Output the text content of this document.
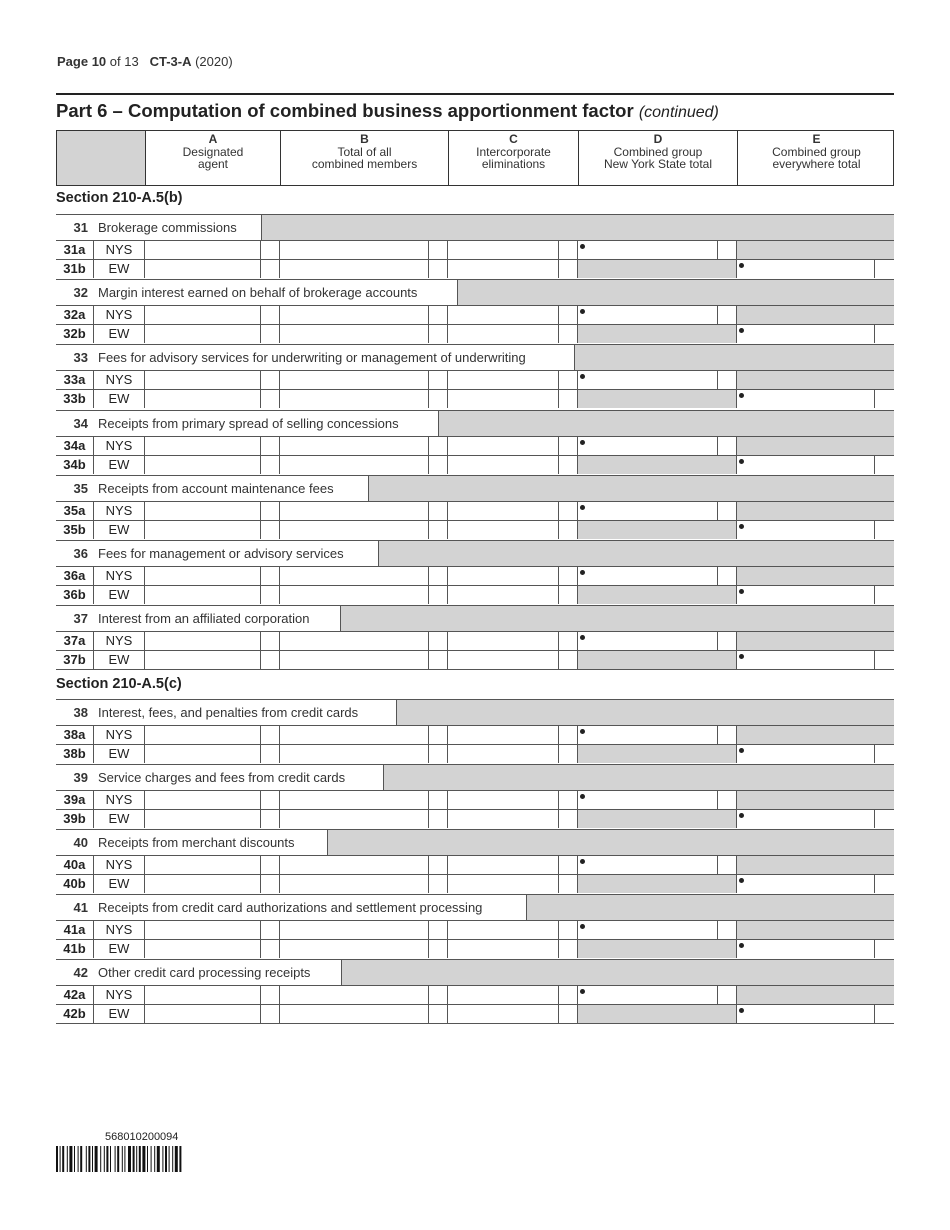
Page 10 of 13 CT-3-A (2020)
Part 6 – Computation of combined business apportionment factor (continued)
A
Designated
agent
B
Total of all
combined members
C
Intercorporate
eliminations
D
Combined group
New York State total
E
Combined group
everywhere total
Section 210-A.5(b)
31 Brokerage commissions
31a	NYS
31b	EW
32 Margin interest earned on behalf of brokerage accounts
32a	NYS
32b	EW
33 Fees for advisory services for underwriting or management of underwriting
33a	NYS
33b	EW
34 Receipts from primary spread of selling concessions
34a	NYS
34b	EW
35 Receipts from account maintenance fees
35a	NYS
35b	EW
36 Fees for management or advisory services
36a	NYS
36b	EW
37 Interest from an affiliated corporation
37a	NYS
37b	EW
Section 210-A.5(c)
38 Interest, fees, and penalties from credit cards
38a	NYS
38b	EW
39 Service charges and fees from credit cards
39a	NYS
39b	EW
40 Receipts from merchant discounts
40a	NYS
40b	EW
41 Receipts from credit card authorizations and settlement processing
41a	NYS
41b	EW
42 Other credit card processing receipts
42a	NYS
42b	EW
568010200094
